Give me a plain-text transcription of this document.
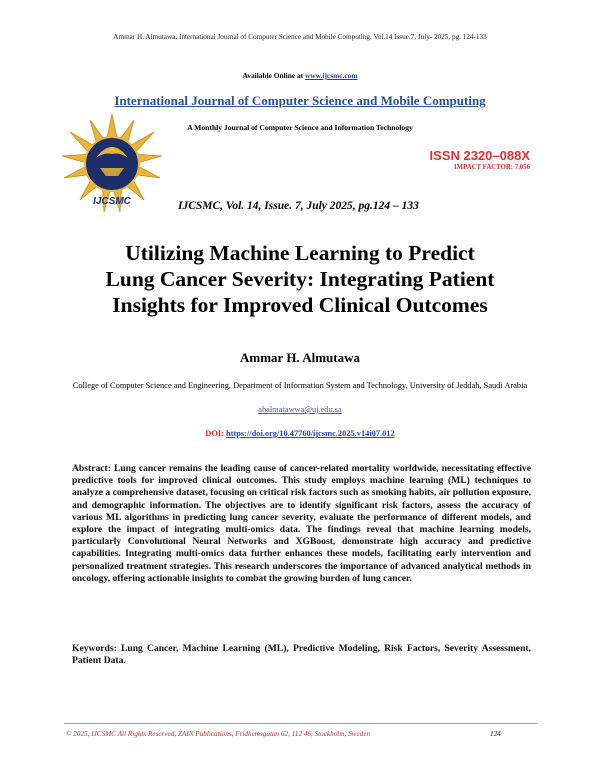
Ammar H. Almutawa, International Journal of Computer Science and Mobile Computing, Vol.14 Issue.7, July- 2025, pg. 124-133
Available Online at www.ijcsmc.com
International Journal of Computer Science and Mobile Computing
A Monthly Journal of Computer Science and Information Technology
IJCSMC
ISSN 2320–088X
IMPACT FACTOR: 7.056
IJCSMC, Vol. 14, Issue. 7, July 2025, pg.124 – 133
Utilizing Machine Learning to Predict
Lung Cancer Severity: Integrating Patient
Insights for Improved Clinical Outcomes
Ammar H. Almutawa
College of Computer Science and Engineering, Department of Information System and Technology, University of Jeddah, Saudi Arabia
ahalmatawwa@uj.edu.sa
DOI: https://doi.org/10.47760/ijcsmc.2025.v14i07.012
Abstract: Lung cancer remains the leading cause of cancer-related mortality worldwide, necessitating effective predictive tools for improved clinical outcomes. This study employs machine learning (ML) techniques to analyze a comprehensive dataset, focusing on critical risk factors such as smoking habits, air pollution exposure, and demographic information. The objectives are to identify significant risk factors, assess the accuracy of various ML algorithms in predicting lung cancer severity, evaluate the performance of different models, and explore the impact of integrating multi-omics data. The findings reveal that machine learning models, particularly Convolutional Neural Networks and XGBoost, demonstrate high accuracy and predictive capabilities. Integrating multi-omics data further enhances these models, facilitating early intervention and personalized treatment strategies. This research underscores the importance of advanced analytical methods in oncology, offering actionable insights to combat the growing burden of lung cancer.
Keywords: Lung Cancer, Machine Learning (ML), Predictive Modeling, Risk Factors, Severity Assessment, Patient Data.
© 2025, IJCSMC All Rights Reserved, ZAIN Publications, Fridhemsgatan 62, 112 46, Stockholm, Sweden	124
